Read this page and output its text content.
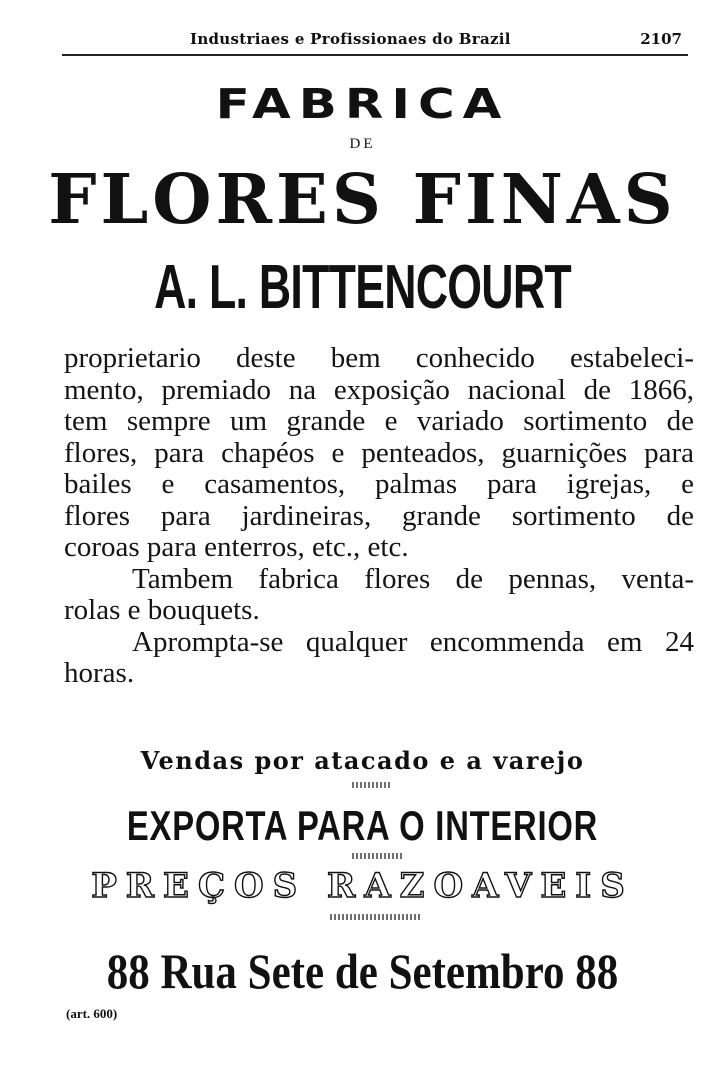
Industriaes e Profissionaes do Brazil	2107
FABRICA
DE
FLORES FINAS
A. L. BITTENCOURT

proprietario deste bem conhecido estabeleci-
mento, premiado na exposição nacional de 1866,
tem sempre um grande e variado sortimento de
flores, para chapéos e penteados, guarnições para
bailes e casamentos, palmas para igrejas, e
flores para jardineiras, grande sortimento de
coroas para enterros, etc., etc.

Tambem fabrica flores de pennas, venta-
rolas e bouquets.

Aprompta-se qualquer encommenda em 24
horas.

Vendas por atacado e a varejo
EXPORTA PARA O INTERIOR
PREÇOS RAZOAVEIS
88 Rua Sete de Setembro 88
(art. 600)
